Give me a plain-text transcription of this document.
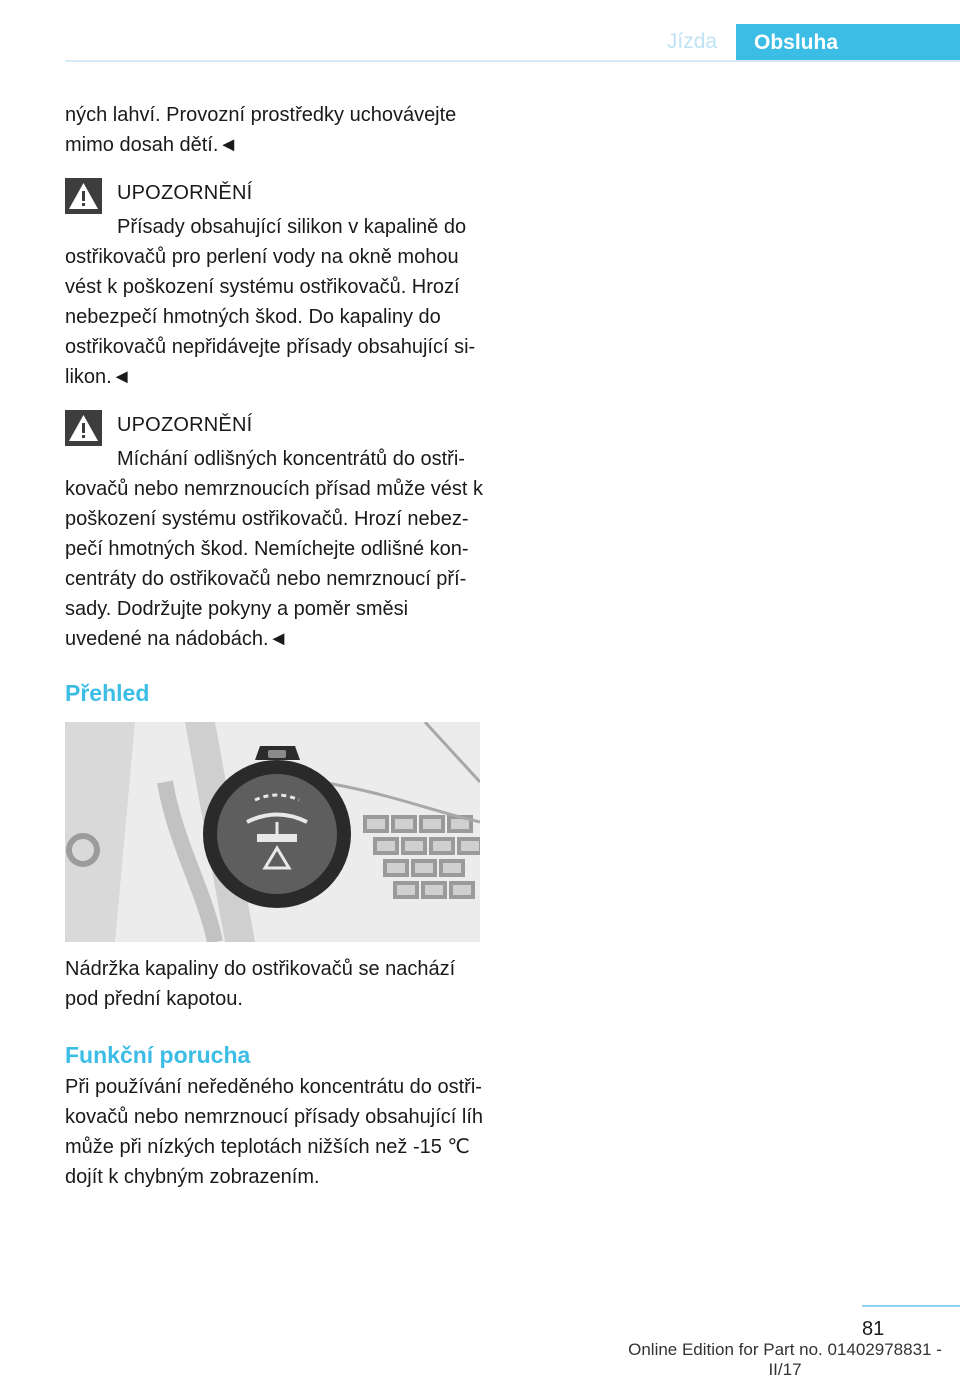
Jízda	Obsluha

ných lahví. Provozní prostředky uchovávejte mimo dosah dětí.◄

UPOZORNĚNÍ

Přísady obsahující silikon v kapalině do ostřikovačů pro perlení vody na okně mohou vést k poškození systému ostřikovačů. Hrozí nebezpečí hmotných škod. Do kapaliny do ostřikovačů nepřidávejte přísady obsahující silikon.◄

UPOZORNĚNÍ

Míchání odlišných koncentrátů do ostřikovačů nebo nemrznoucích přísad může vést k poškození systému ostřikovačů. Hrozí nebezpečí hmotných škod. Nemíchejte odlišné koncentráty do ostřikovačů nebo nemrznoucí přísady. Dodržujte pokyny a poměr směsi uvedené na nádobách.◄

Přehled

Nádržka kapaliny do ostřikovačů se nachází pod přední kapotou.

Funkční porucha

Při používání neředěného koncentrátu do ostřikovačů nebo nemrznoucí přísady obsahující líh může při nízkých teplotách nižších než -15 ℃ dojít k chybným zobrazením.

81
Online Edition for Part no. 01402978831 - II/17
